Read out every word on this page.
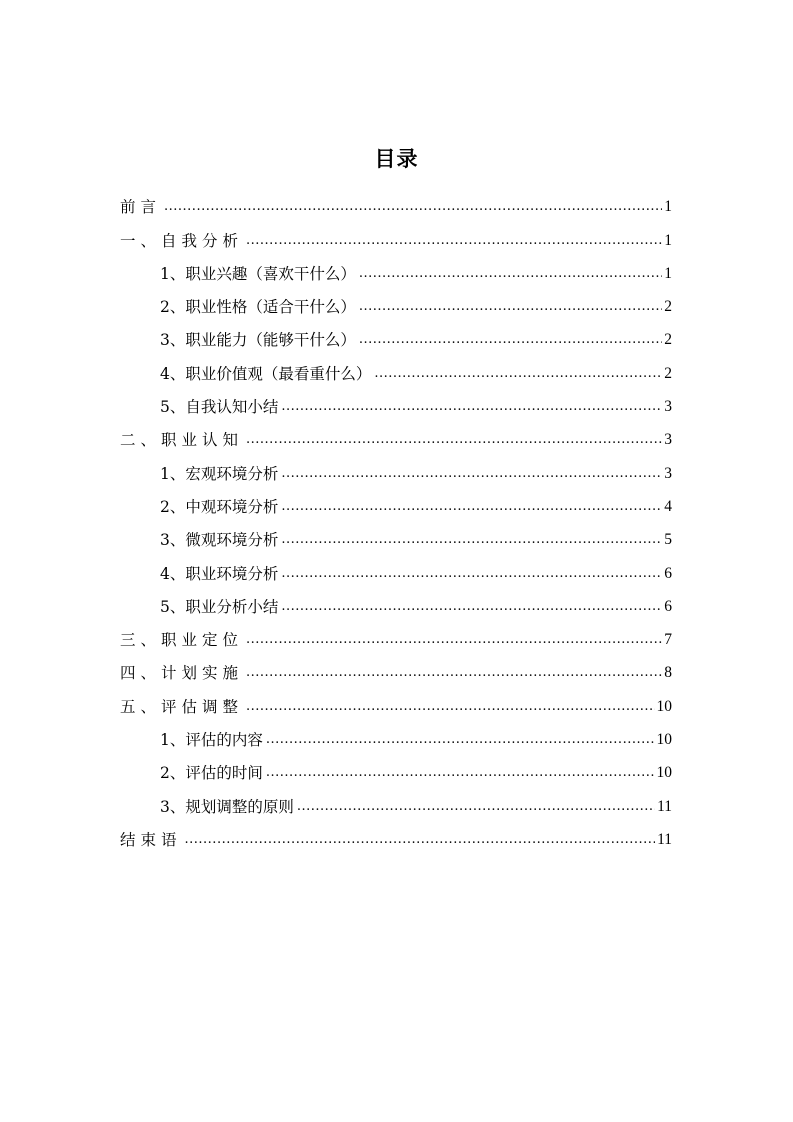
目录
前言 .....	1
一、自我分析 .....	1
1、职业兴趣（喜欢干什么） .....	1
2、职业性格（适合干什么） .....	2
3、职业能力（能够干什么） .....	2
4、职业价值观（最看重什么） .....	2
5、自我认知小结 .....	3
二、职业认知 .....	3
1、宏观环境分析 .....	3
2、中观环境分析 .....	4
3、微观环境分析 .....	5
4、职业环境分析 .....	6
5、职业分析小结 .....	6
三、职业定位 .....	7
四、计划实施 .....	8
五、评估调整 .....	10
1、评估的内容 .....	10
2、评估的时间 .....	10
3、规划调整的原则 .....	11
结束语 .....	11
